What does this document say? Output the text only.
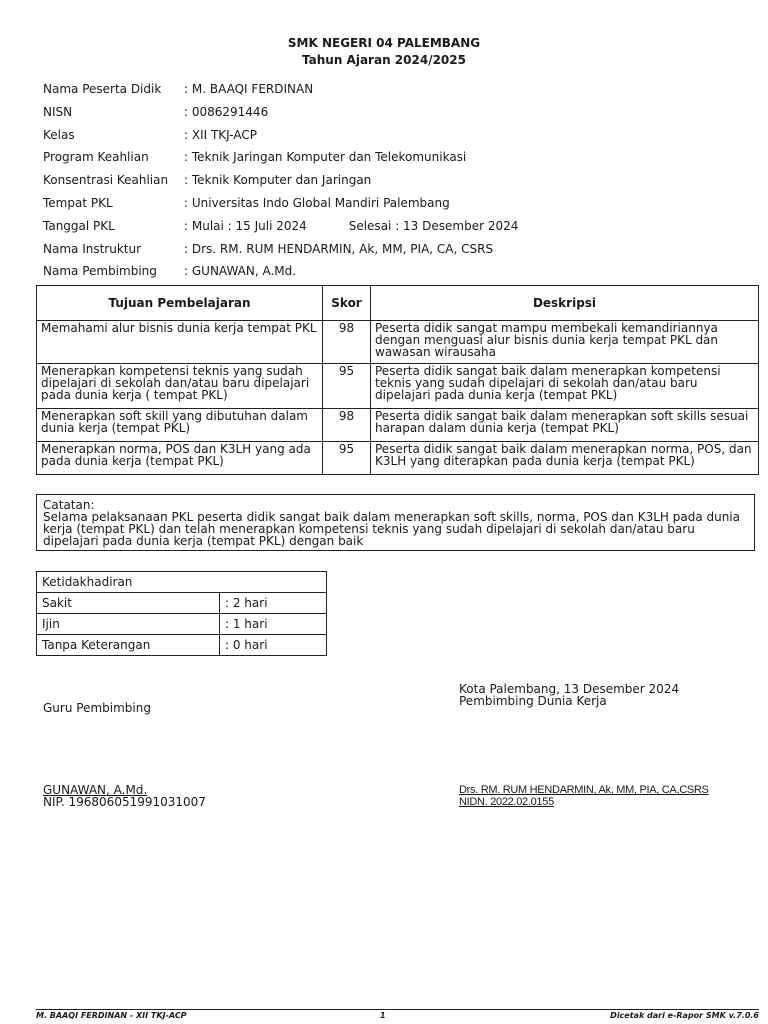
SMK NEGERI 04 PALEMBANG
Tahun Ajaran 2024/2025
Nama Peserta Didik	: M. BAAQI FERDINAN
NISN	: 0086291446
Kelas	: XII TKJ-ACP
Program Keahlian	: Teknik Jaringan Komputer dan Telekomunikasi
Konsentrasi Keahlian	: Teknik Komputer dan Jaringan
Tempat PKL	: Universitas Indo Global Mandiri Palembang
Tanggal PKL	: Mulai : 15 Juli 2024           Selesai : 13 Desember 2024
Nama Instruktur	: Drs. RM. RUM HENDARMIN, Ak, MM, PIA, CA, CSRS
Nama Pembimbing	: GUNAWAN, A.Md.
Tujuan Pembelajaran	Skor	Deskripsi
Memahami alur bisnis dunia kerja tempat PKL	98	Peserta didik sangat mampu membekali kemandiriannya dengan menguasi alur bisnis dunia kerja tempat PKL dan wawasan wirausaha
Menerapkan kompetensi teknis yang sudah dipelajari di sekolah dan/atau baru dipelajari pada dunia kerja ( tempat PKL)	95	Peserta didik sangat baik dalam menerapkan kompetensi teknis yang sudah dipelajari di sekolah dan/atau baru dipelajari pada dunia kerja (tempat PKL)
Menerapkan soft skill yang dibutuhan dalam dunia kerja (tempat PKL)	98	Peserta didik sangat baik dalam menerapkan soft skills sesuai harapan dalam dunia kerja (tempat PKL)
Menerapkan norma, POS dan K3LH yang ada pada dunia kerja (tempat PKL)	95	Peserta didik sangat baik dalam menerapkan norma, POS, dan K3LH yang diterapkan pada dunia kerja (tempat PKL)
Catatan:
Selama pelaksanaan PKL peserta didik sangat baik dalam menerapkan soft skills, norma, POS dan K3LH pada dunia kerja (tempat PKL) dan telah menerapkan kompetensi teknis yang sudah dipelajari di sekolah dan/atau baru dipelajari pada dunia kerja (tempat PKL) dengan baik
Ketidakhadiran	
Sakit	: 2 hari
Ijin	: 1 hari
Tanpa Keterangan	: 0 hari
Guru Pembimbing
Kota Palembang, 13 Desember 2024
Pembimbing Dunia Kerja
GUNAWAN, A.Md.
NIP. 196806051991031007
Drs. RM. RUM HENDARMIN, Ak, MM, PIA, CA,CSRS
NIDN. 2022.02.0155
M. BAAQI FERDINAN - XII TKJ-ACP	1	Dicetak dari e-Rapor SMK v.7.0.6
